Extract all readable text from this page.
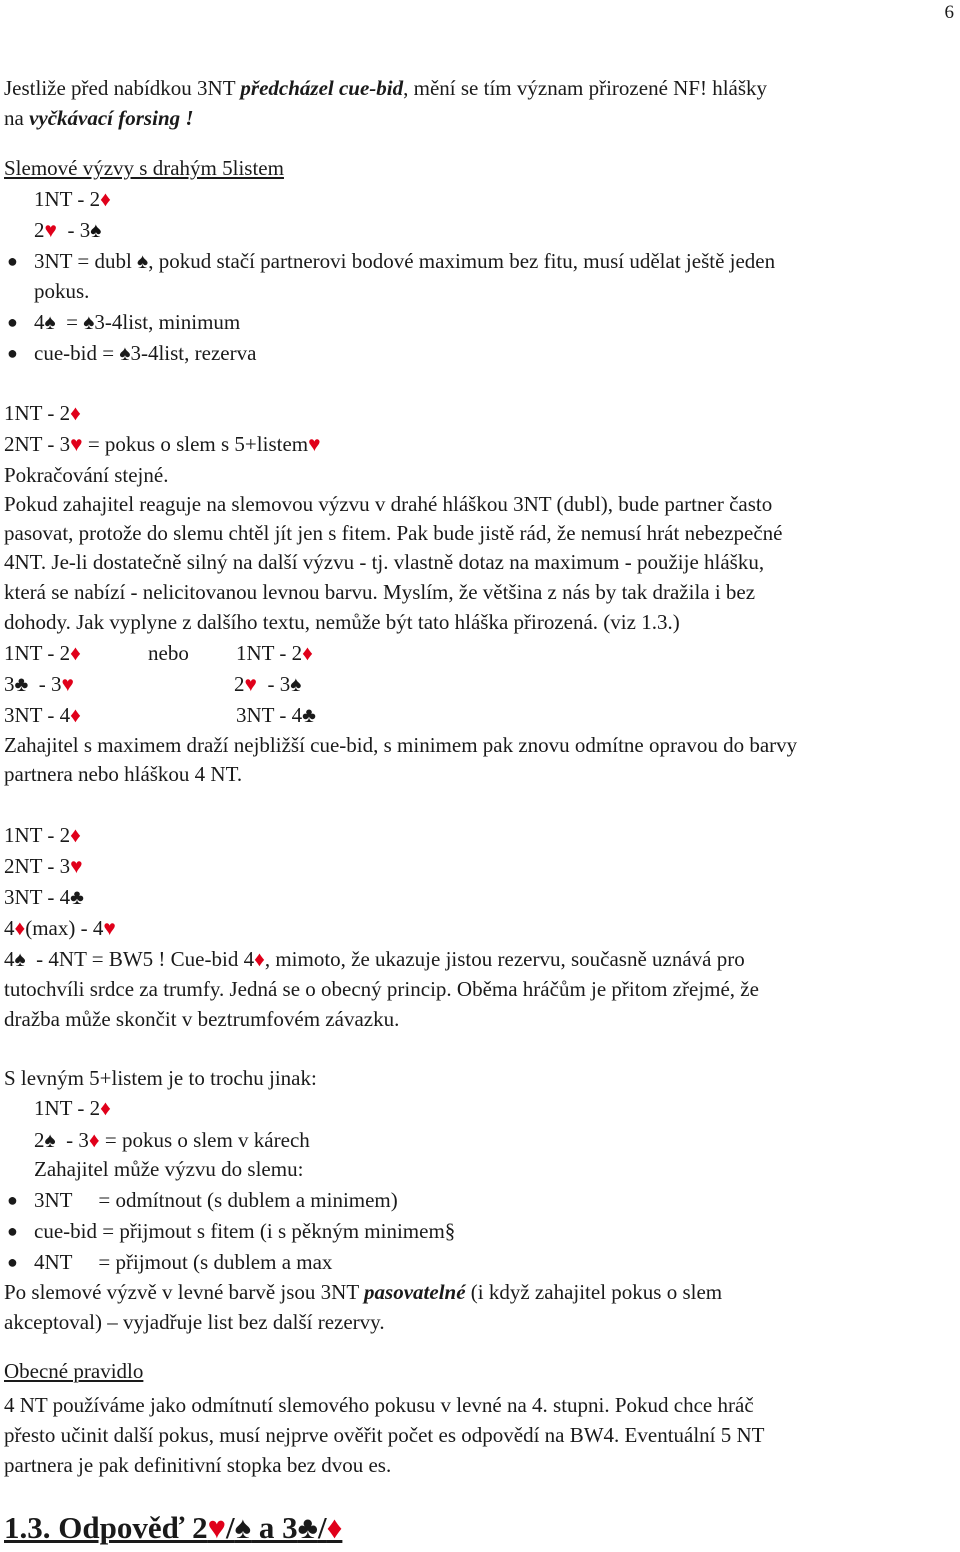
6
Jestliže před nabídkou 3NT předcházel cue-bid, mění se tím význam přirozené NF! hlášky
na vyčkávací forsing !
Slemové výzvy s drahým 5listem
1NT - 2♦
2♥  - 3♠
● 3NT = dubl ♠, pokud stačí partnerovi bodové maximum bez fitu, musí udělat ještě jeden
pokus.
● 4♠  = ♠3-4list, minimum
● cue-bid = ♠3-4list, rezerva
1NT - 2♦
2NT - 3♥ = pokus o slem s 5+listem♥
Pokračování stejné.
Pokud zahajitel reaguje na slemovou výzvu v drahé hláškou 3NT (dubl), bude partner často
pasovat, protože do slemu chtěl jít jen s fitem. Pak bude jistě rád, že nemusí hrát nebezpečné
4NT. Je-li dostatečně silný na další výzvu - tj. vlastně dotaz na maximum - použije hlášku,
která se nabízí - nelicitovanou levnou barvu. Myslím, že většina z nás by tak dražila i bez
dohody. Jak vyplyne z dalšího textu, nemůže být tato hláška přirozená. (viz 1.3.)
1NT - 2♦	nebo 1NT - 2♦
3♣  - 3♥	2♥  - 3♠
3NT - 4♦	3NT - 4♣
Zahajitel s maximem draží nejbližší cue-bid, s minimem pak znovu odmítne opravou do barvy
partnera nebo hláškou 4 NT.
1NT - 2♦
2NT - 3♥
3NT - 4♣
4♦(max) - 4♥
4♠  - 4NT = BW5 ! Cue-bid 4♦, mimoto, že ukazuje jistou rezervu, současně uznává pro
tutochvíli srdce za trumfy. Jedná se o obecný princip. Oběma hráčům je přitom zřejmé, že
dražba může skončit v beztrumfovém závazku.
S levným 5+listem je to trochu jinak:
1NT - 2♦
2♠  - 3♦ = pokus o slem v kárech
Zahajitel může výzvu do slemu:
● 3NT     = odmítnout (s dublem a minimem)
● cue-bid = přijmout s fitem (i s pěkným minimem§
● 4NT     = přijmout (s dublem a max
Po slemové výzvě v levné barvě jsou 3NT pasovatelné (i když zahajitel pokus o slem
akceptoval) – vyjadřuje list bez další rezervy.
Obecné pravidlo
4 NT používáme jako odmítnutí slemového pokusu v levné na 4. stupni. Pokud chce hráč
přesto učinit další pokus, musí nejprve ověřit počet es odpovědí na BW4. Eventuální 5 NT
partnera je pak definitivní stopka bez dvou es.
1.3. Odpověď 2♥/♠ a 3♣/♦
